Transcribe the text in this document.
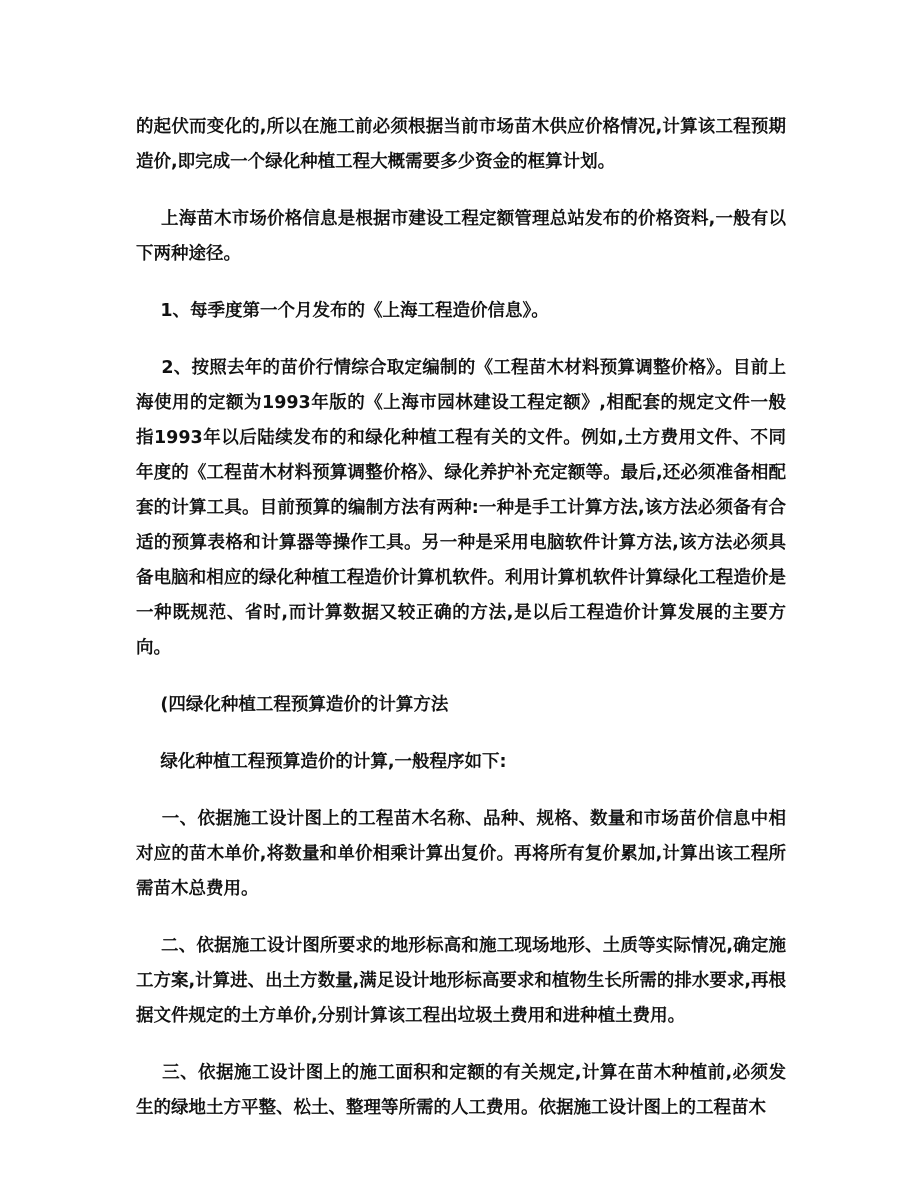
的起伏而变化的,所以在施工前必须根据当前市场苗木供应价格情况,计算该工程预期造价,即完成一个绿化种植工程大概需要多少资金的框算计划。

上海苗木市场价格信息是根据市建设工程定额管理总站发布的价格资料,一般有以下两种途径。

1、每季度第一个月发布的《上海工程造价信息》。

2、按照去年的苗价行情综合取定编制的《工程苗木材料预算调整价格》。目前上海使用的定额为1993年版的《上海市园林建设工程定额》,相配套的规定文件一般指1993年以后陆续发布的和绿化种植工程有关的文件。例如,土方费用文件、不同年度的《工程苗木材料预算调整价格》、绿化养护补充定额等。最后,还必须准备相配套的计算工具。目前预算的编制方法有两种:一种是手工计算方法,该方法必须备有合适的预算表格和计算器等操作工具。另一种是采用电脑软件计算方法,该方法必须具备电脑和相应的绿化种植工程造价计算机软件。利用计算机软件计算绿化工程造价是一种既规范、省时,而计算数据又较正确的方法,是以后工程造价计算发展的主要方向。

(四绿化种植工程预算造价的计算方法

绿化种植工程预算造价的计算,一般程序如下:

一、依据施工设计图上的工程苗木名称、品种、规格、数量和市场苗价信息中相对应的苗木单价,将数量和单价相乘计算出复价。再将所有复价累加,计算出该工程所需苗木总费用。

二、依据施工设计图所要求的地形标高和施工现场地形、土质等实际情况,确定施工方案,计算进、出土方数量,满足设计地形标高要求和植物生长所需的排水要求,再根据文件规定的土方单价,分别计算该工程出垃圾土费用和进种植土费用。

三、依据施工设计图上的施工面积和定额的有关规定,计算在苗木种植前,必须发生的绿地土方平整、松土、整理等所需的人工费用。依据施工设计图上的工程苗木
